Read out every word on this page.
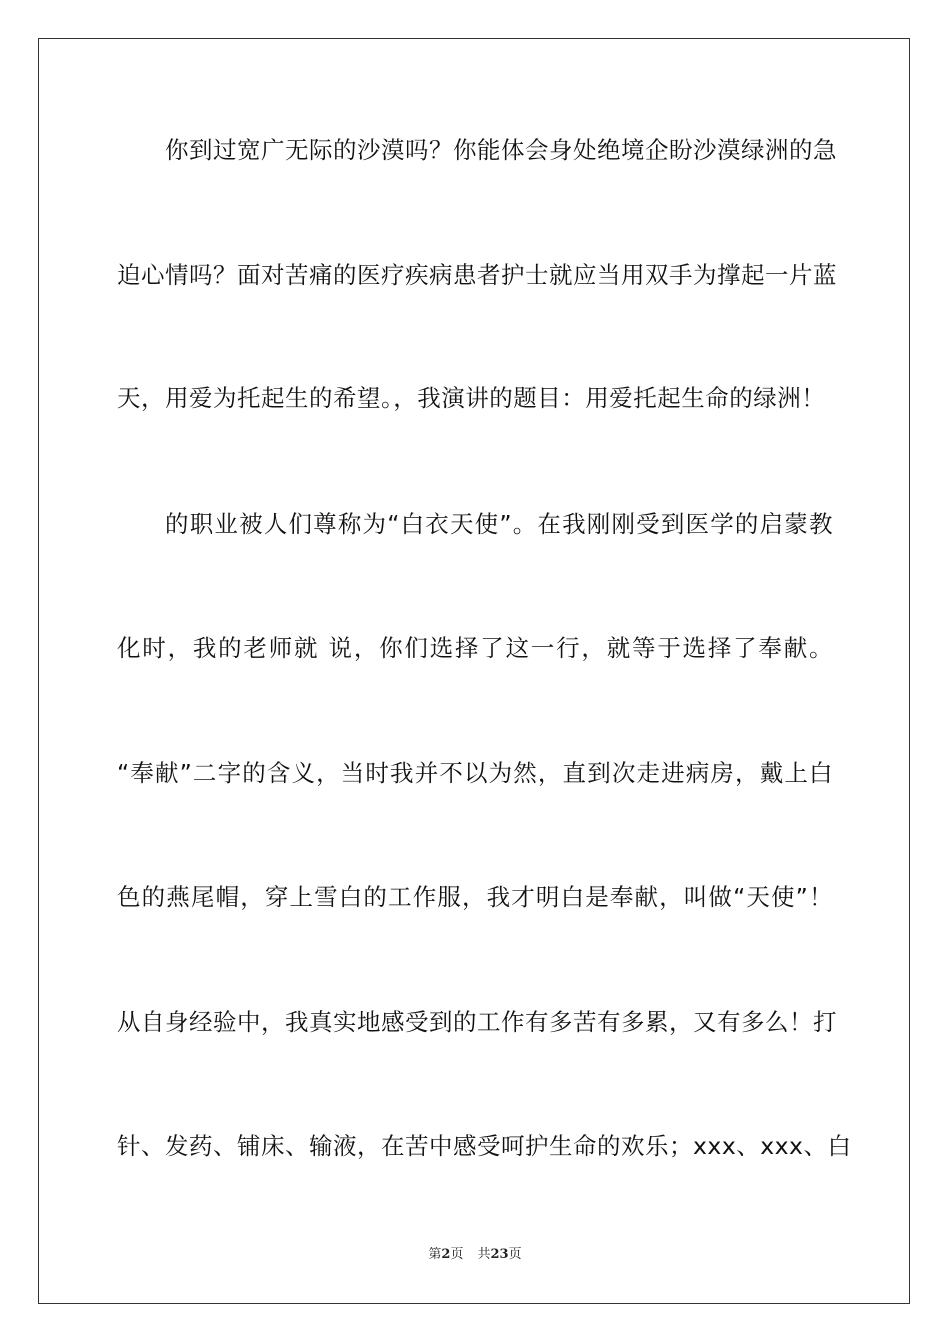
你到过宽广无际的沙漠吗？你能体会身处绝境企盼沙漠绿洲的急
迫心情吗？面对苦痛的医疗疾病患者护士就应当用双手为撑起一片蓝
天，用爱为托起生的希望。，我演讲的题目：用爱托起生命的绿洲！
的职业被人们尊称为“白衣天使”。在我刚刚受到医学的启蒙教
化时，我的老师就 说，你们选择了这一行，就等于选择了奉献。
“奉献”二字的含义，当时我并不以为然，直到次走进病房，戴上白
色的燕尾帽，穿上雪白的工作服，我才明白是奉献，叫做“天使”！
从自身经验中，我真实地感受到的工作有多苦有多累，又有多么！打
针、发药、铺床、输液，在苦中感受呵护生命的欢乐；xxx、xxx、白
第2页 共23页
